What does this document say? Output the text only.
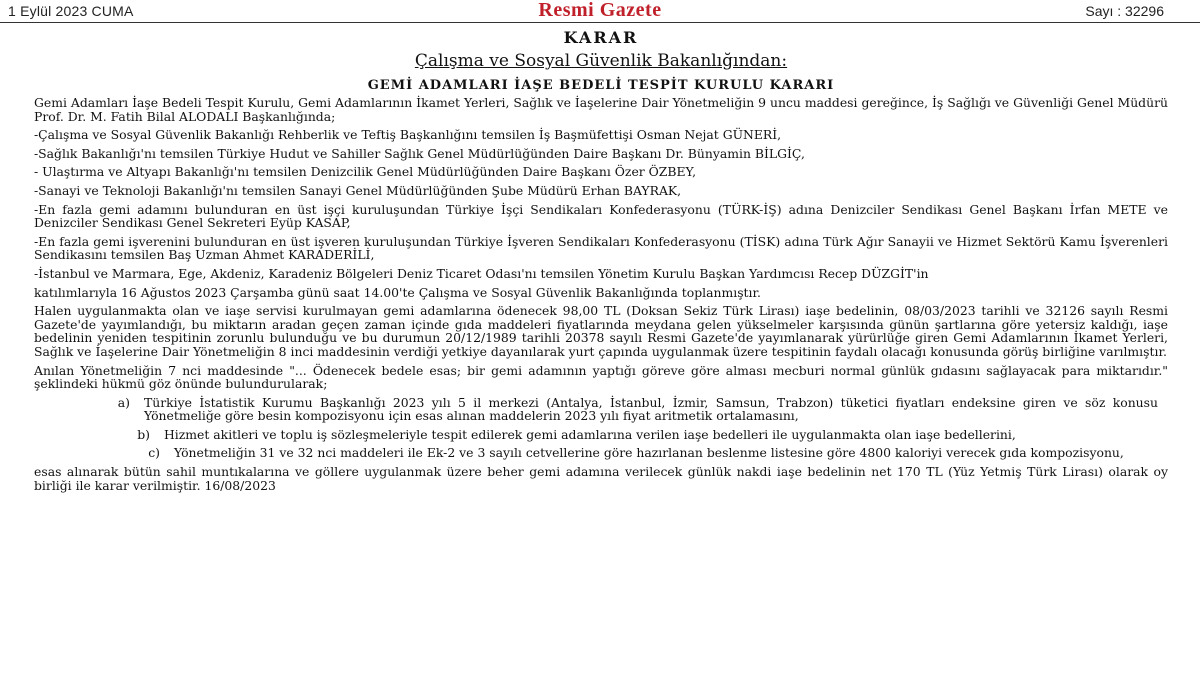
1 Eylül 2023 CUMA	Resmi Gazete	Sayı : 32296
KARAR
Çalışma ve Sosyal Güvenlik Bakanlığından:
GEMİ ADAMLARI İAŞE BEDELİ TESPİT KURULU KARARI

Gemi Adamları İaşe Bedeli Tespit Kurulu, Gemi Adamlarının İkamet Yerleri, Sağlık ve İaşelerine Dair Yönetmeliğin 9 uncu maddesi gereğince, İş Sağlığı ve Güvenliği Genel Müdürü Prof. Dr. M. Fatih Bilal ALODALI Başkanlığında;

-Çalışma ve Sosyal Güvenlik Bakanlığı Rehberlik ve Teftiş Başkanlığını temsilen İş Başmüfettişi Osman Nejat GÜNERİ,

-Sağlık Bakanlığı'nı temsilen Türkiye Hudut ve Sahiller Sağlık Genel Müdürlüğünden Daire Başkanı Dr. Bünyamin BİLGİÇ,

- Ulaştırma ve Altyapı Bakanlığı'nı temsilen Denizcilik Genel Müdürlüğünden Daire Başkanı Özer ÖZBEY,

-Sanayi ve Teknoloji Bakanlığı'nı temsilen Sanayi Genel Müdürlüğünden Şube Müdürü Erhan BAYRAK,

-En fazla gemi adamını bulunduran en üst işçi kuruluşundan Türkiye İşçi Sendikaları Konfederasyonu (TÜRK-İŞ) adına Denizciler Sendikası Genel Başkanı İrfan METE ve Denizciler Sendikası Genel Sekreteri Eyüp KASAP,

-En fazla gemi işverenini bulunduran en üst işveren kuruluşundan Türkiye İşveren Sendikaları Konfederasyonu (TİSK) adına Türk Ağır Sanayii ve Hizmet Sektörü Kamu İşverenleri Sendikasını temsilen Baş Uzman Ahmet KARADERİLİ,

-İstanbul ve Marmara, Ege, Akdeniz, Karadeniz Bölgeleri Deniz Ticaret Odası'nı temsilen Yönetim Kurulu Başkan Yardımcısı Recep DÜZGİT'in

katılımlarıyla 16 Ağustos 2023 Çarşamba günü saat 14.00'te Çalışma ve Sosyal Güvenlik Bakanlığında toplanmıştır.

Halen uygulanmakta olan ve iaşe servisi kurulmayan gemi adamlarına ödenecek 98,00 TL (Doksan Sekiz Türk Lirası) iaşe bedelinin, 08/03/2023 tarihli ve 32126 sayılı Resmi Gazete'de yayımlandığı, bu miktarın aradan geçen zaman içinde gıda maddeleri fiyatlarında meydana gelen yükselmeler karşısında günün şartlarına göre yetersiz kaldığı, iaşe bedelinin yeniden tespitinin zorunlu bulunduğu ve bu durumun 20/12/1989 tarihli 20378 sayılı Resmi Gazete'de yayımlanarak yürürlüğe giren Gemi Adamlarının İkamet Yerleri, Sağlık ve İaşelerine Dair Yönetmeliğin 8 inci maddesinin verdiği yetkiye dayanılarak yurt çapında uygulanmak üzere tespitinin faydalı olacağı konusunda görüş birliğine varılmıştır.

Anılan Yönetmeliğin 7 nci maddesinde "... Ödenecek bedele esas; bir gemi adamının yaptığı göreve göre alması mecburi normal günlük gıdasını sağlayacak para miktarıdır." şeklindeki hükmü göz önünde bulundurularak;

a)	Türkiye İstatistik Kurumu Başkanlığı 2023 yılı 5 il merkezi (Antalya, İstanbul, İzmir, Samsun, Trabzon) tüketici fiyatları endeksine giren ve söz konusu Yönetmeliğe göre besin kompozisyonu için esas alınan maddelerin 2023 yılı fiyat aritmetik ortalamasını,
b)	Hizmet akitleri ve toplu iş sözleşmeleriyle tespit edilerek gemi adamlarına verilen iaşe bedelleri ile uygulanmakta olan iaşe bedellerini,
c)	Yönetmeliğin 31 ve 32 nci maddeleri ile Ek-2 ve 3 sayılı cetvellerine göre hazırlanan beslenme listesine göre 4800 kaloriyi verecek gıda kompozisyonu,

esas alınarak bütün sahil muntıkalarına ve göllere uygulanmak üzere beher gemi adamına verilecek günlük nakdi iaşe bedelinin net 170 TL (Yüz Yetmiş Türk Lirası) olarak oy birliği ile karar verilmiştir. 16/08/2023
